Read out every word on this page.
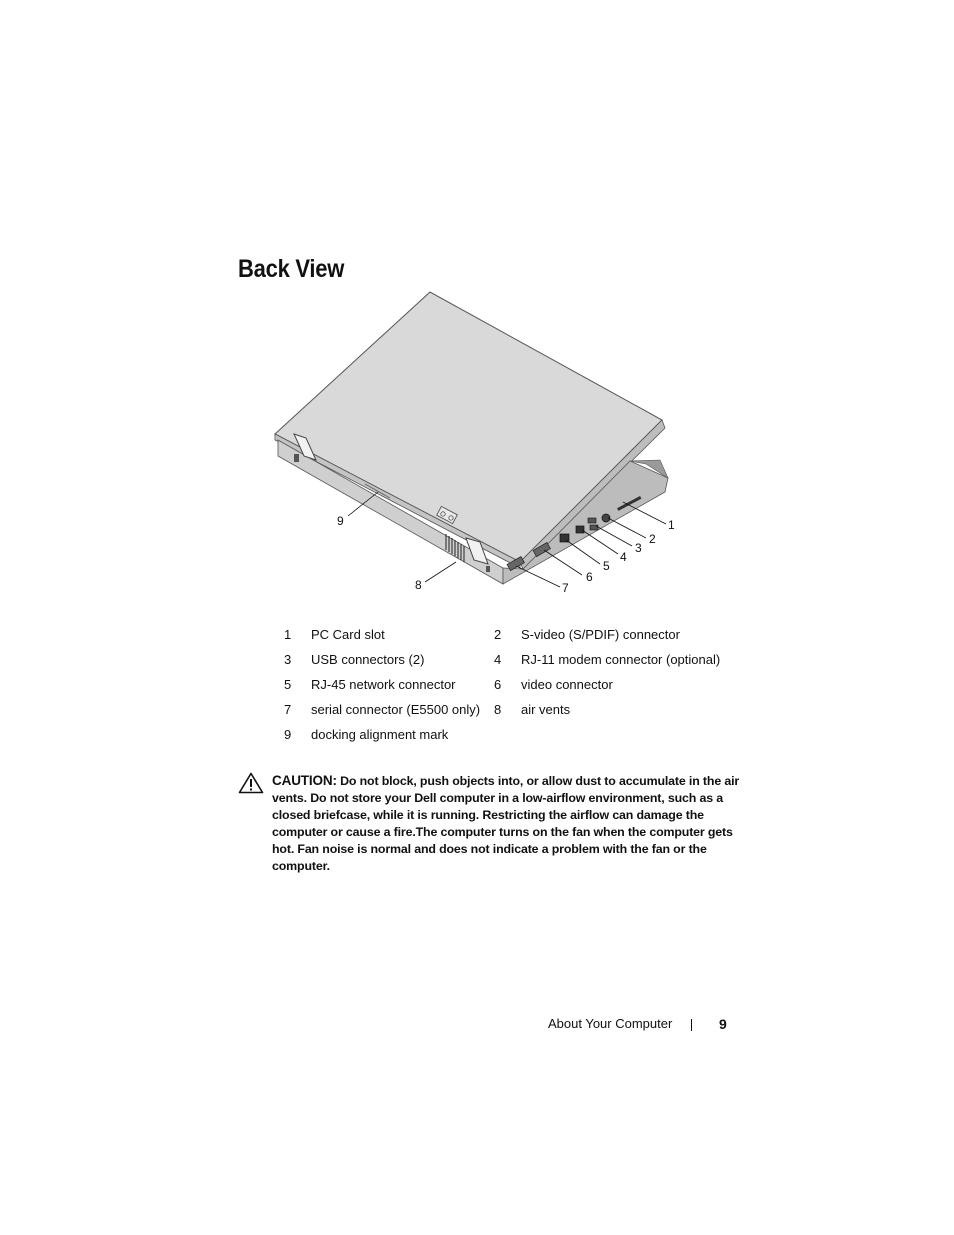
Back View
1
2
3
4
5
6
7
8
9
1	PC Card slot	2	S-video (S/PDIF) connector
3	USB connectors (2)	4	RJ-11 modem connector (optional)
5	RJ-45 network connector	6	video connector
7	serial connector (E5500 only)	8	air vents
9	docking alignment mark
CAUTION: Do not block, push objects into, or allow dust to accumulate in the air vents. Do not store your Dell computer in a low-airflow environment, such as a closed briefcase, while it is running. Restricting the airflow can damage the computer or cause a fire.The computer turns on the fan when the computer gets hot. Fan noise is normal and does not indicate a problem with the fan or the computer.
About Your Computer	9
